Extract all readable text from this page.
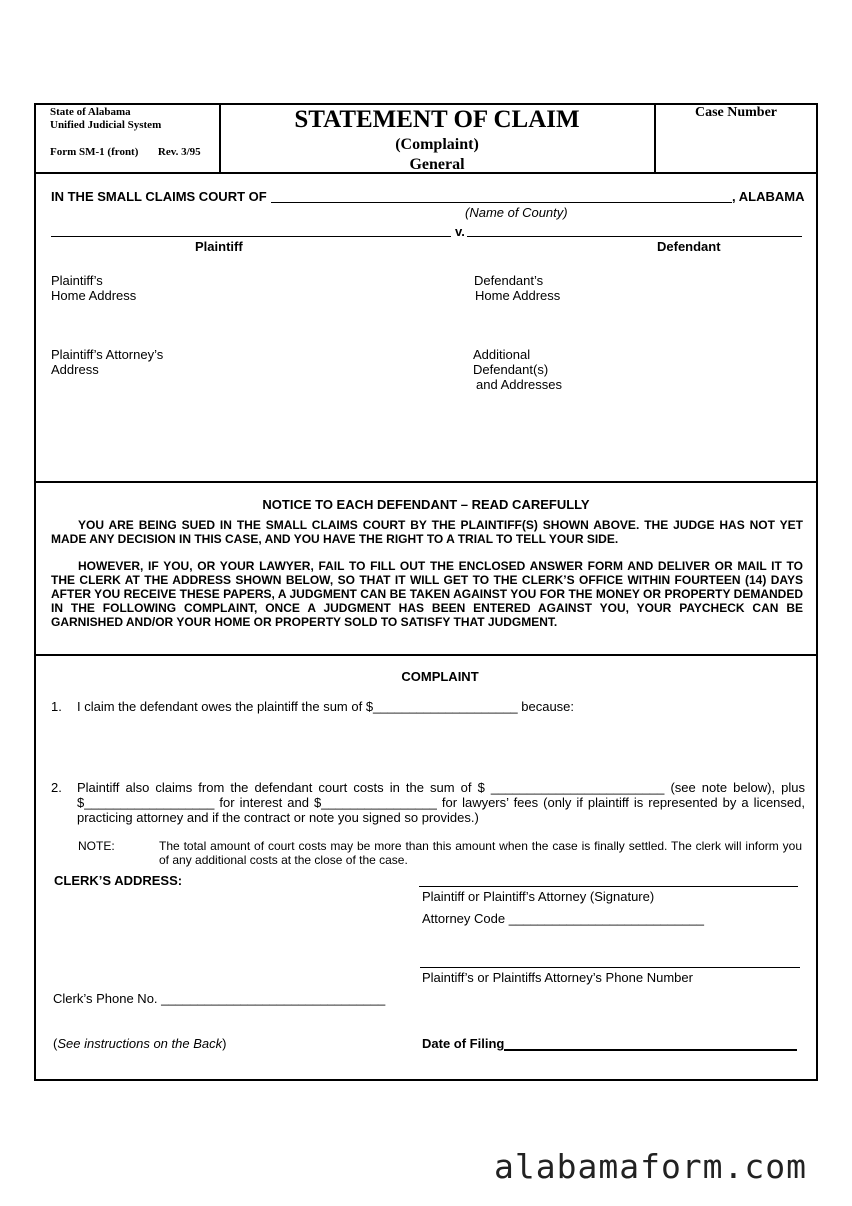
State of Alabama
Unified Judicial System
Form SM-1 (front) Rev. 3/95
STATEMENT OF CLAIM
(Complaint)
General
Case Number
IN THE SMALL CLAIMS COURT OF	, ALABAMA
(Name of County)
v.
Plaintiff	Defendant
Plaintiff’s
Home Address
Defendant’s
Home Address
Plaintiff’s Attorney’s
Address
Additional
Defendant(s)
and Addresses
NOTICE TO EACH DEFENDANT – READ CAREFULLY

YOU ARE BEING SUED IN THE SMALL CLAIMS COURT BY THE PLAINTIFF(S) SHOWN ABOVE. THE JUDGE HAS NOT YET MADE ANY DECISION IN THIS CASE, AND YOU HAVE THE RIGHT TO A TRIAL TO TELL YOUR SIDE.

HOWEVER, IF YOU, OR YOUR LAWYER, FAIL TO FILL OUT THE ENCLOSED ANSWER FORM AND DELIVER OR MAIL IT TO THE CLERK AT THE ADDRESS SHOWN BELOW, SO THAT IT WILL GET TO THE CLERK’S OFFICE WITHIN FOURTEEN (14) DAYS AFTER YOU RECEIVE THESE PAPERS, A JUDGMENT CAN BE TAKEN AGAINST YOU FOR THE MONEY OR PROPERTY DEMANDED IN THE FOLLOWING COMPLAINT, ONCE A JUDGMENT HAS BEEN ENTERED AGAINST YOU, YOUR PAYCHECK CAN BE GARNISHED AND/OR YOUR HOME OR PROPERTY SOLD TO SATISFY THAT JUDGMENT.

COMPLAINT
1. I claim the defendant owes the plaintiff the sum of $____________________ because:
2. Plaintiff also claims from the defendant court costs in the sum of $ ________________________ (see note below), plus $__________________ for interest and $________________ for lawyers’ fees (only if plaintiff is represented by a licensed, practicing attorney and if the contract or note you signed so provides.)
NOTE:	The total amount of court costs may be more than this amount when the case is finally settled. The clerk will inform you of any additional costs at the close of the case.
CLERK’S ADDRESS:
Plaintiff or Plaintiff’s Attorney (Signature)
Attorney Code ___________________________
Plaintiff’s or Plaintiffs Attorney’s Phone Number
Clerk’s Phone No. _______________________________
(See instructions on the Back)	Date of Filing
alabamaform.com
